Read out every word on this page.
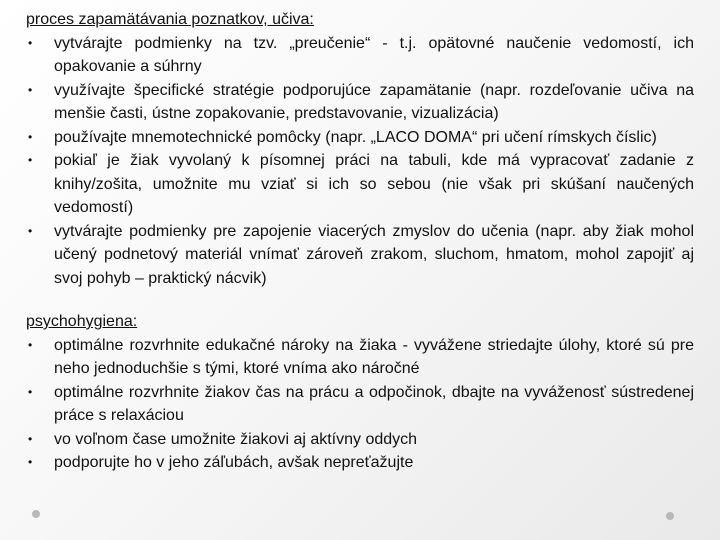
proces zapamätávania poznatkov, učiva:

• vytvárajte podmienky na tzv. „preučenie“ - t.j. opätovné naučenie vedomostí, ich opakovanie a súhrny
• využívajte špecifické stratégie podporujúce zapamätanie (napr. rozdeľovanie učiva na menšie časti, ústne zopakovanie, predstavovanie, vizualizácia)
• používajte mnemotechnické pomôcky (napr. „LACO DOMA“ pri učení rímskych číslic)
• pokiaľ je žiak vyvolaný k písomnej práci na tabuli, kde má vypracovať zadanie z knihy/zošita, umožnite mu vziať si ich so sebou (nie však pri skúšaní naučených vedomostí)
• vytvárajte podmienky pre zapojenie viacerých zmyslov do učenia (napr. aby žiak mohol učený podnetový materiál vnímať zároveň zrakom, sluchom, hmatom, mohol zapojiť aj svoj pohyb – praktický nácvik)

psychohygiena:

• optimálne rozvrhnite edukačné nároky na žiaka - vyvážene striedajte úlohy, ktoré sú pre neho jednoduchšie s tými, ktoré vníma ako náročné
• optimálne rozvrhnite žiakov čas na prácu a odpočinok, dbajte na vyváženosť sústredenej práce s relaxáciou
• vo voľnom čase umožnite žiakovi aj aktívny oddych
• podporujte ho v jeho záľubách, avšak nepreťažujte
